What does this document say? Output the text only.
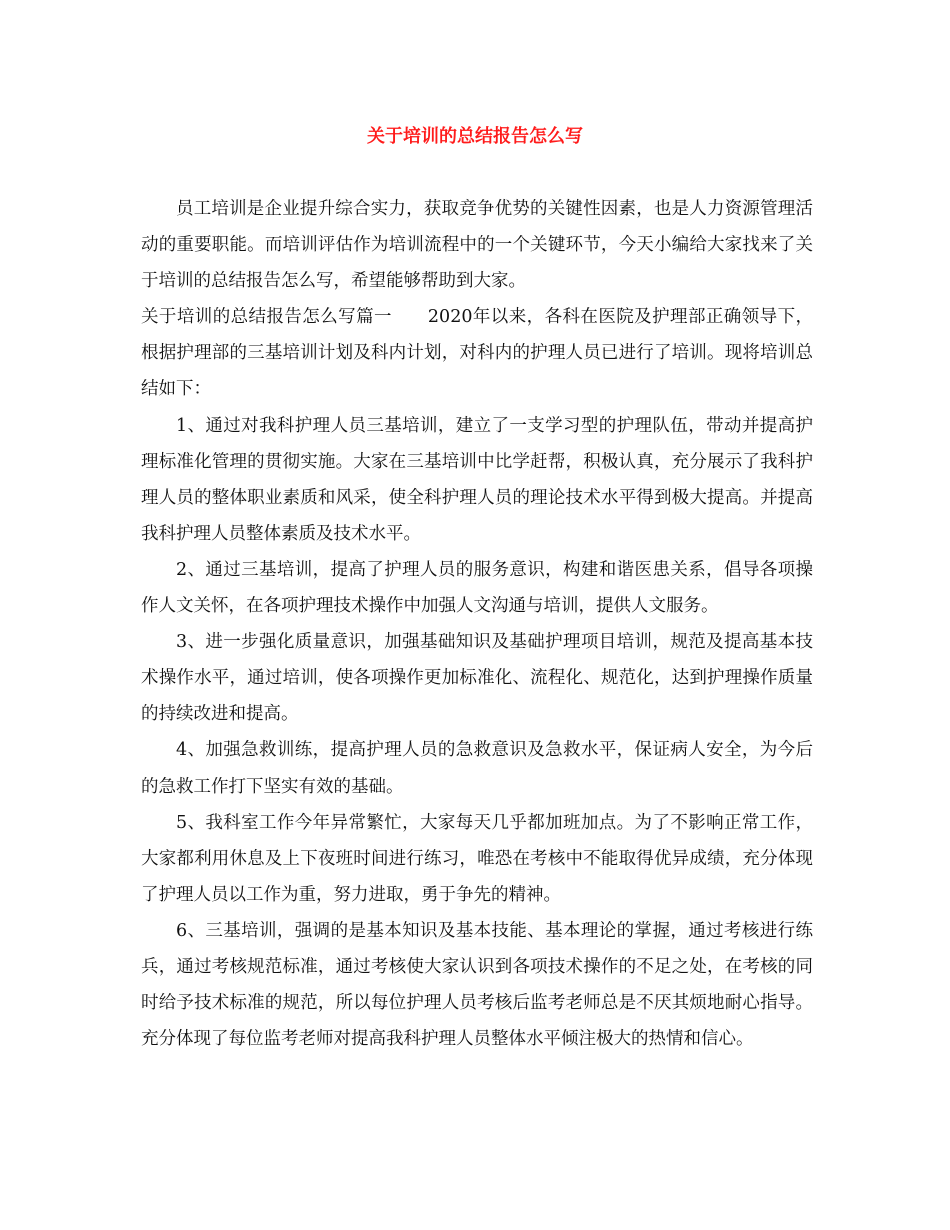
关于培训的总结报告怎么写

员工培训是企业提升综合实力，获取竞争优势的关键性因素，也是人力资源管理活动的重要职能。而培训评估作为培训流程中的一个关键环节，今天小编给大家找来了关于培训的总结报告怎么写，希望能够帮助到大家。

关于培训的总结报告怎么写篇一 2020年以来，各科在医院及护理部正确领导下，根据护理部的三基培训计划及科内计划，对科内的护理人员已进行了培训。现将培训总结如下：

1、通过对我科护理人员三基培训，建立了一支学习型的护理队伍，带动并提高护理标准化管理的贯彻实施。大家在三基培训中比学赶帮，积极认真，充分展示了我科护理人员的整体职业素质和风采，使全科护理人员的理论技术水平得到极大提高。并提高我科护理人员整体素质及技术水平。

2、通过三基培训，提高了护理人员的服务意识，构建和谐医患关系，倡导各项操作人文关怀，在各项护理技术操作中加强人文沟通与培训，提供人文服务。

3、进一步强化质量意识，加强基础知识及基础护理项目培训，规范及提高基本技术操作水平，通过培训，使各项操作更加标准化、流程化、规范化，达到护理操作质量的持续改进和提高。

4、加强急救训练，提高护理人员的急救意识及急救水平，保证病人安全，为今后的急救工作打下坚实有效的基础。

5、我科室工作今年异常繁忙，大家每天几乎都加班加点。为了不影响正常工作，大家都利用休息及上下夜班时间进行练习，唯恐在考核中不能取得优异成绩，充分体现了护理人员以工作为重，努力进取，勇于争先的精神。

6、三基培训，强调的是基本知识及基本技能、基本理论的掌握，通过考核进行练兵，通过考核规范标准，通过考核使大家认识到各项技术操作的不足之处，在考核的同时给予技术标准的规范，所以每位护理人员考核后监考老师总是不厌其烦地耐心指导。充分体现了每位监考老师对提高我科护理人员整体水平倾注极大的热情和信心。
